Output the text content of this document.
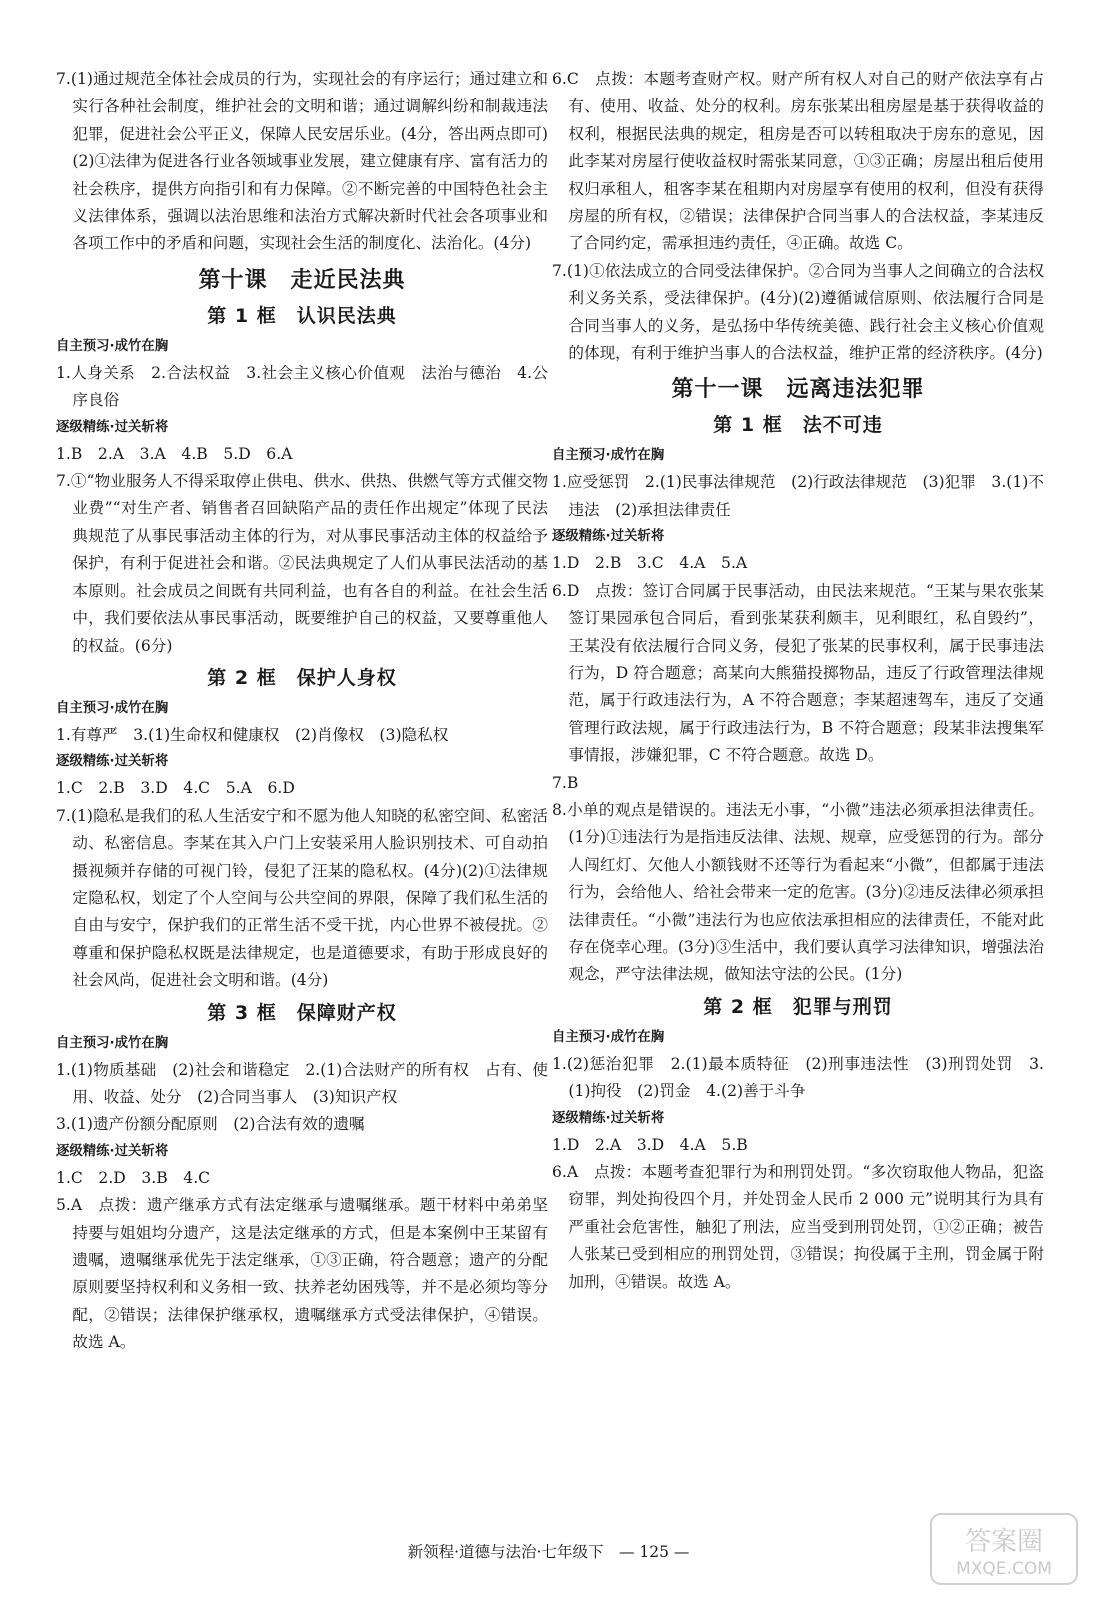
7.(1)通过规范全体社会成员的行为，实现社会的有序运行；通过建立和实行各种社会制度，维护社会的文明和谐；通过调解纠纷和制裁违法犯罪，促进社会公平正义，保障人民安居乐业。(4分，答出两点即可)(2)①法律为促进各行业各领域事业发展，建立健康有序、富有活力的社会秩序，提供方向指引和有力保障。②不断完善的中国特色社会主义法律体系，强调以法治思维和法治方式解决新时代社会各项事业和各项工作中的矛盾和问题，实现社会生活的制度化、法治化。(4分)
第十课　走近民法典
第 1 框　认识民法典
自主预习·成竹在胸
1.人身关系　2.合法权益　3.社会主义核心价值观　法治与德治　4.公序良俗
逐级精练·过关斩将
1.B　2.A　3.A　4.B　5.D　6.A
7.①“物业服务人不得采取停止供电、供水、供热、供燃气等方式催交物业费”“对生产者、销售者召回缺陷产品的责任作出规定”体现了民法典规范了从事民事活动主体的行为，对从事民事活动主体的权益给予保护，有利于促进社会和谐。②民法典规定了人们从事民法活动的基本原则。社会成员之间既有共同利益，也有各自的利益。在社会生活中，我们要依法从事民事活动，既要维护自己的权益，又要尊重他人的权益。(6分)
第 2 框　保护人身权
自主预习·成竹在胸
1.有尊严　3.(1)生命权和健康权　(2)肖像权　(3)隐私权
逐级精练·过关斩将
1.C　2.B　3.D　4.C　5.A　6.D
7.(1)隐私是我们的私人生活安宁和不愿为他人知晓的私密空间、私密活动、私密信息。李某在其入户门上安装采用人脸识别技术、可自动拍摄视频并存储的可视门铃，侵犯了汪某的隐私权。(4分)(2)①法律规定隐私权，划定了个人空间与公共空间的界限，保障了我们私生活的自由与安宁，保护我们的正常生活不受干扰，内心世界不被侵扰。②尊重和保护隐私权既是法律规定，也是道德要求，有助于形成良好的社会风尚，促进社会文明和谐。(4分)
第 3 框　保障财产权
自主预习·成竹在胸
1.(1)物质基础　(2)社会和谐稳定　2.(1)合法财产的所有权　占有、使用、收益、处分　(2)合同当事人　(3)知识产权
3.(1)遗产份额分配原则　(2)合法有效的遗嘱
逐级精练·过关斩将
1.C　2.D　3.B　4.C
5.A　点拨：遗产继承方式有法定继承与遗嘱继承。题干材料中弟弟坚持要与姐姐均分遗产，这是法定继承的方式，但是本案例中王某留有遗嘱，遗嘱继承优先于法定继承，①③正确，符合题意；遗产的分配原则要坚持权利和义务相一致、扶养老幼困残等，并不是必须均等分配，②错误；法律保护继承权，遗嘱继承方式受法律保护，④错误。故选 A。
6.C　点拨：本题考查财产权。财产所有权人对自己的财产依法享有占有、使用、收益、处分的权利。房东张某出租房屋是基于获得收益的权利，根据民法典的规定，租房是否可以转租取决于房东的意见，因此李某对房屋行使收益权时需张某同意，①③正确；房屋出租后使用权归承租人，租客李某在租期内对房屋享有使用的权利，但没有获得房屋的所有权，②错误；法律保护合同当事人的合法权益，李某违反了合同约定，需承担违约责任，④正确。故选 C。
7.(1)①依法成立的合同受法律保护。②合同为当事人之间确立的合法权利义务关系，受法律保护。(4分)(2)遵循诚信原则、依法履行合同是合同当事人的义务，是弘扬中华传统美德、践行社会主义核心价值观的体现，有利于维护当事人的合法权益，维护正常的经济秩序。(4分)
第十一课　远离违法犯罪
第 1 框　法不可违
自主预习·成竹在胸
1.应受惩罚　2.(1)民事法律规范　(2)行政法律规范　(3)犯罪　3.(1)不违法　(2)承担法律责任
逐级精练·过关斩将
1.D　2.B　3.C　4.A　5.A
6.D　点拨：签订合同属于民事活动，由民法来规范。“王某与果农张某签订果园承包合同后，看到张某获利颇丰，见利眼红，私自毁约”，王某没有依法履行合同义务，侵犯了张某的民事权利，属于民事违法行为，D 符合题意；高某向大熊猫投掷物品，违反了行政管理法律规范，属于行政违法行为，A 不符合题意；李某超速驾车，违反了交通管理行政法规，属于行政违法行为，B 不符合题意；段某非法搜集军事情报，涉嫌犯罪，C 不符合题意。故选 D。
7.B
8.小单的观点是错误的。违法无小事，“小微”违法必须承担法律责任。(1分)①违法行为是指违反法律、法规、规章，应受惩罚的行为。部分人闯红灯、欠他人小额钱财不还等行为看起来“小微”，但都属于违法行为，会给他人、给社会带来一定的危害。(3分)②违反法律必须承担法律责任。“小微”违法行为也应依法承担相应的法律责任，不能对此存在侥幸心理。(3分)③生活中，我们要认真学习法律知识，增强法治观念，严守法律法规，做知法守法的公民。(1分)
第 2 框　犯罪与刑罚
自主预习·成竹在胸
1.(2)惩治犯罪　2.(1)最本质特征　(2)刑事违法性　(3)刑罚处罚　3.(1)拘役　(2)罚金　4.(2)善于斗争
逐级精练·过关斩将
1.D　2.A　3.D　4.A　5.B
6.A　点拨：本题考查犯罪行为和刑罚处罚。“多次窃取他人物品，犯盗窃罪，判处拘役四个月，并处罚金人民币 2 000 元”说明其行为具有严重社会危害性，触犯了刑法，应当受到刑罚处罚，①②正确；被告人张某已受到相应的刑罚处罚，③错误；拘役属于主刑，罚金属于附加刑，④错误。故选 A。
新领程·道德与法治·七年级下　— 125 —	答案圈
MXQE.COM
